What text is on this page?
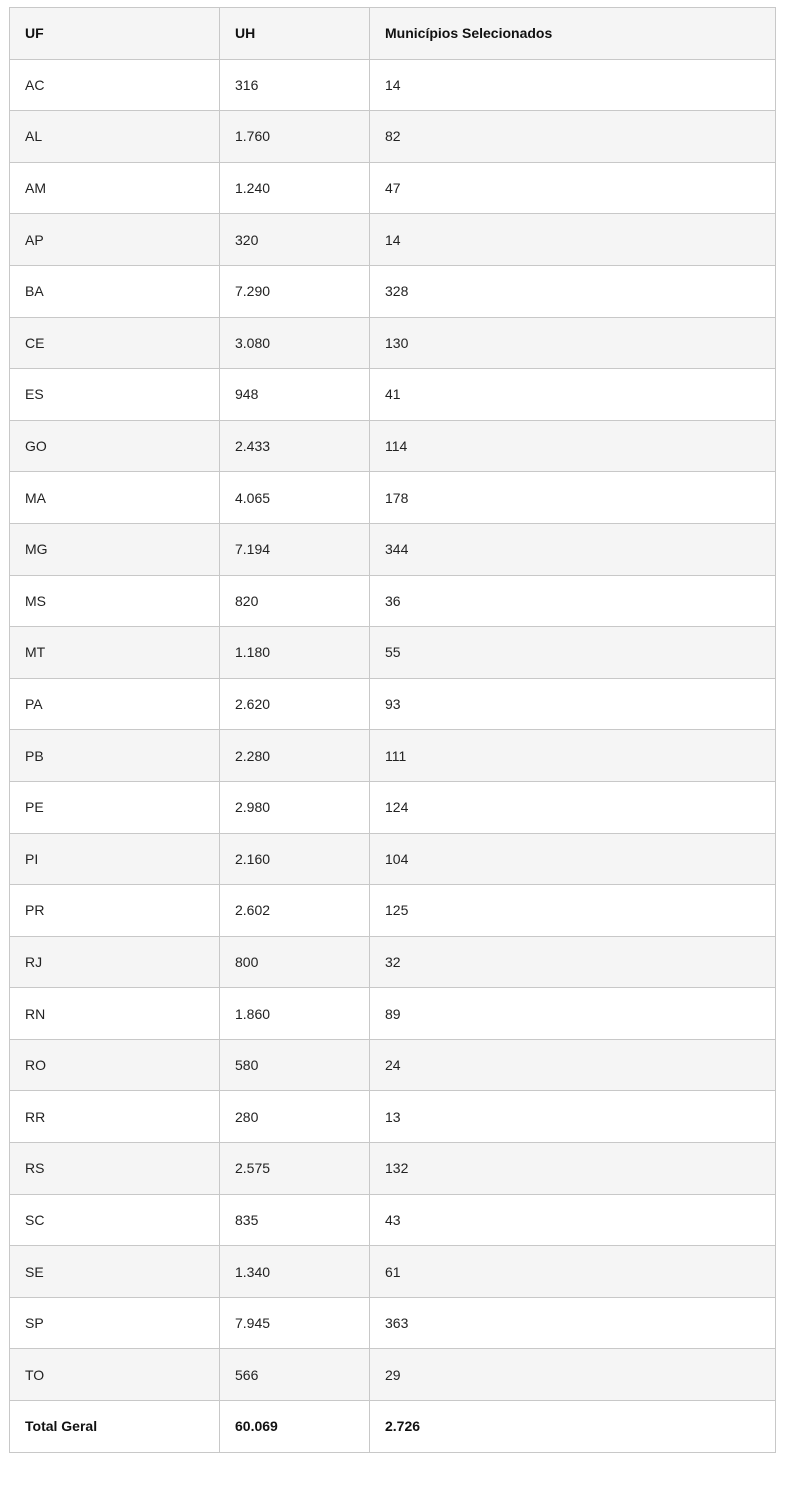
UF	UH	Municípios Selecionados
AC	316	14
AL	1.760	82
AM	1.240	47
AP	320	14
BA	7.290	328
CE	3.080	130
ES	948	41
GO	2.433	114
MA	4.065	178
MG	7.194	344
MS	820	36
MT	1.180	55
PA	2.620	93
PB	2.280	111
PE	2.980	124
PI	2.160	104
PR	2.602	125
RJ	800	32
RN	1.860	89
RO	580	24
RR	280	13
RS	2.575	132
SC	835	43
SE	1.340	61
SP	7.945	363
TO	566	29
Total Geral	60.069	2.726
